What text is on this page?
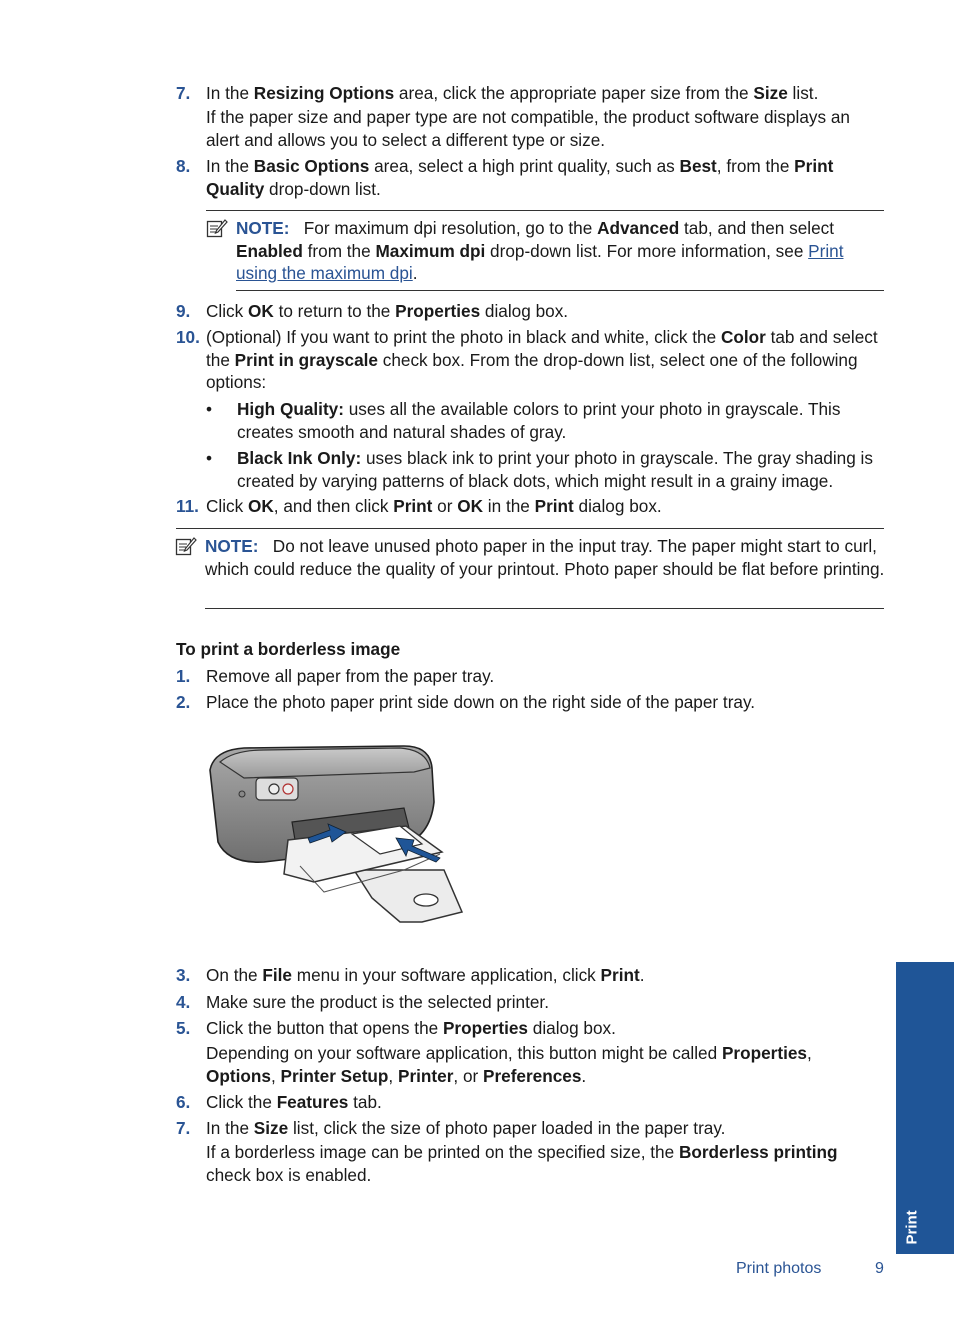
7. In the Resizing Options area, click the appropriate paper size from the Size list.
If the paper size and paper type are not compatible, the product software displays an alert and allows you to select a different type or size.
8. In the Basic Options area, select a high print quality, such as Best, from the Print Quality drop-down list.
NOTE: For maximum dpi resolution, go to the Advanced tab, and then select Enabled from the Maximum dpi drop-down list. For more information, see Print using the maximum dpi.
9. Click OK to return to the Properties dialog box.
10. (Optional) If you want to print the photo in black and white, click the Color tab and select the Print in grayscale check box. From the drop-down list, select one of the following options:
• High Quality: uses all the available colors to print your photo in grayscale. This creates smooth and natural shades of gray.
• Black Ink Only: uses black ink to print your photo in grayscale. The gray shading is created by varying patterns of black dots, which might result in a grainy image.
11. Click OK, and then click Print or OK in the Print dialog box.
NOTE: Do not leave unused photo paper in the input tray. The paper might start to curl, which could reduce the quality of your printout. Photo paper should be flat before printing.
To print a borderless image
1. Remove all paper from the paper tray.
2. Place the photo paper print side down on the right side of the paper tray.
3. On the File menu in your software application, click Print.
4. Make sure the product is the selected printer.
5. Click the button that opens the Properties dialog box.
Depending on your software application, this button might be called Properties, Options, Printer Setup, Printer, or Preferences.
6. Click the Features tab.
7. In the Size list, click the size of photo paper loaded in the paper tray.
If a borderless image can be printed on the specified size, the Borderless printing check box is enabled.
Print
Print photos	9
